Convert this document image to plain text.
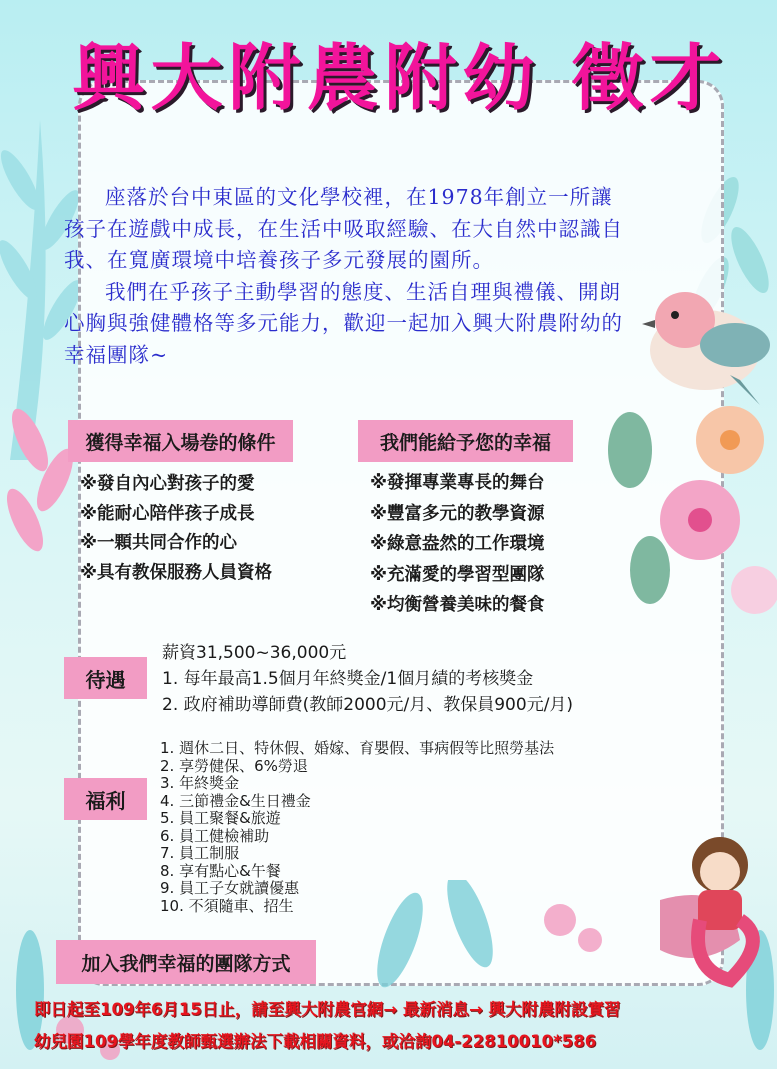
興大附農附幼 徵才

座落於台中東區的文化學校裡，在1978年創立一所讓孩子在遊戲中成長，在生活中吸取經驗、在大自然中認識自我、在寬廣環境中培養孩子多元發展的園所。

我們在乎孩子主動學習的態度、生活自理與禮儀、開朗心胸與強健體格等多元能力，歡迎一起加入興大附農附幼的幸福團隊~

獲得幸福入場卷的條件
※發自內心對孩子的愛
※能耐心陪伴孩子成長
※一顆共同合作的心
※具有教保服務人員資格
我們能給予您的幸福
※發揮專業專長的舞台
※豐富多元的教學資源
※綠意盎然的工作環境
※充滿愛的學習型團隊
※均衡營養美味的餐食
待遇
薪資31,500~36,000元
1. 每年最高1.5個月年終獎金/1個月績的考核獎金
2. 政府補助導師費(教師2000元/月、教保員900元/月)
福利
1. 週休二日、特休假、婚嫁、育嬰假、事病假等比照勞基法
2. 享勞健保、6%勞退
3. 年終獎金
4. 三節禮金&生日禮金
5. 員工聚餐&旅遊
6. 員工健檢補助
7. 員工制服
8. 享有點心&午餐
9. 員工子女就讀優惠
10. 不須隨車、招生
加入我們幸福的團隊方式

即日起至109年6月15日止，請至興大附農官網→ 最新消息→ 興大附農附設實習

幼兒園109學年度教師甄選辦法下載相關資料，或洽詢04-22810010*586
